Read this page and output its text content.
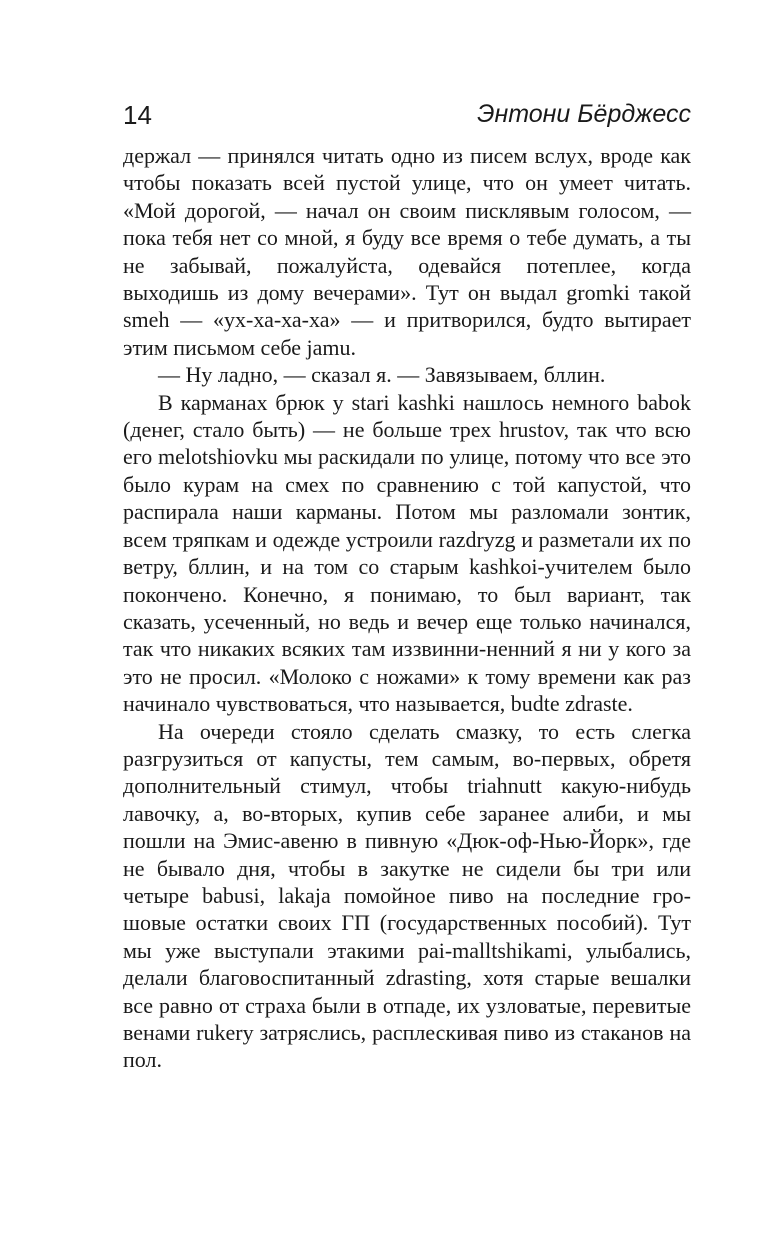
14	Энтони Бёрджесс

держал — принялся читать одно из писем вслух, вроде как чтобы показать всей пустой улице, что он умеет читать. «Мой дорогой, — начал он своим писклявым голосом, — пока тебя нет со мной, я буду все время о тебе думать, а ты не забывай, пожалуйста, одевайся потеплее, когда выходишь из дому вечерами». Тут он выдал gromki такой smeh — «ух-ха-ха-ха» — и притворился, будто вытирает этим письмом себе jamu.

— Ну ладно, — сказал я. — Завязываем, бллин.

В карманах брюк у stari kashki нашлось немного babok (денег, стало быть) — не больше трех hrustov, так что всю его melotshiovku мы раскидали по улице, потому что все это было курам на смех по сравнению с той капустой, что распирала наши карманы. Потом мы разломали зонтик, всем тряпкам и одежде устроили razdryzg и разметали их по ветру, бллин, и на том со старым kashkoi-учителем было покончено. Конечно, я понимаю, то был вариант, так сказать, усеченный, но ведь и вечер еще только начинался, так что никаких всяких там иззвинни-ненний я ни у кого за это не просил. «Молоко с ножами» к тому времени как раз начинало чувствоваться, что называется, budte zdraste.

На очереди стояло сделать смазку, то есть слегка разгрузиться от капусты, тем самым, во-первых, обретя дополнительный стимул, чтобы triahnutt какую-нибудь лавочку, а, во-вторых, купив себе заранее алиби, и мы пошли на Эмис-авеню в пивную «Дюк-оф-Нью-Йорк», где не бывало дня, чтобы в закутке не сидели бы три или четыре babusi, lakaja помойное пиво на последние грошовые остатки своих ГП (государственных пособий). Тут мы уже выступали этакими pai-malltshikami, улыбались, делали благовоспитанный zdrasting, хотя старые вешалки все равно от страха были в отпаде, их узловатые, перевитые венами rukery затряслись, расплескивая пиво из стаканов на пол.
